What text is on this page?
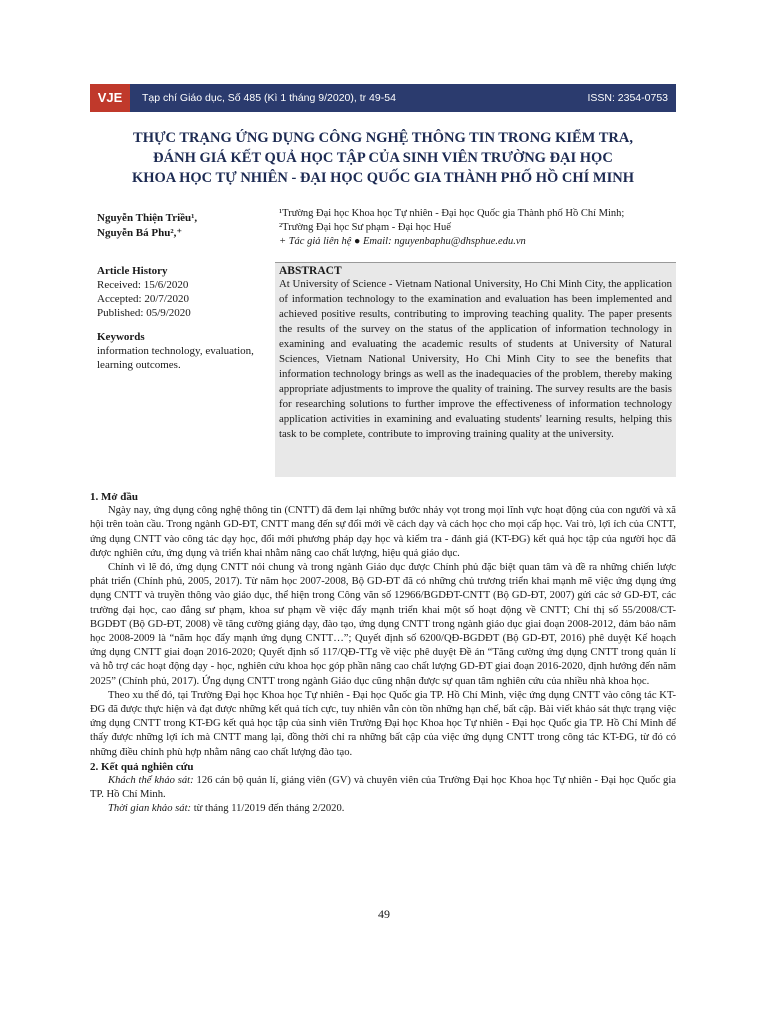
VJE	Tạp chí Giáo dục, Số 485 (Kì 1 tháng 9/2020), tr 49-54	ISSN: 2354-0753
THỰC TRẠNG ỨNG DỤNG CÔNG NGHỆ THÔNG TIN TRONG KIỂM TRA,
ĐÁNH GIÁ KẾT QUẢ HỌC TẬP CỦA SINH VIÊN TRƯỜNG ĐẠI HỌC
KHOA HỌC TỰ NHIÊN - ĐẠI HỌC QUỐC GIA THÀNH PHỐ HỒ CHÍ MINH
Nguyễn Thiện Triều¹,
Nguyễn Bá Phu²,⁺
¹Trường Đại học Khoa học Tự nhiên - Đại học Quốc gia Thành phố Hồ Chí Minh;
²Trường Đại học Sư phạm - Đại học Huế
+ Tác giả liên hệ ● Email: nguyenbaphu@dhsphue.edu.vn
Article History
Received: 15/6/2020
Accepted: 20/7/2020
Published: 05/9/2020
Keywords
information technology, evaluation, learning outcomes.
ABSTRACT
At University of Science - Vietnam National University, Ho Chi Minh City, the application of information technology to the examination and evaluation has been implemented and achieved positive results, contributing to improving teaching quality. The paper presents the results of the survey on the status of the application of information technology in examining and evaluating the academic results of students at University of Natural Sciences, Vietnam National University, Ho Chi Minh City to see the benefits that information technology brings as well as the inadequacies of the problem, thereby making appropriate adjustments to improve the quality of training. The survey results are the basis for researching solutions to further improve the effectiveness of information technology application activities in examining and evaluating students' learning results, helping this task to be complete, contribute to improving training quality at the university.
1. Mở đầu

Ngày nay, ứng dụng công nghệ thông tin (CNTT) đã đem lại những bước nhảy vọt trong mọi lĩnh vực hoạt động của con người và xã hội trên toàn cầu. Trong ngành GD-ĐT, CNTT mang đến sự đổi mới về cách dạy và cách học cho mọi cấp học. Vai trò, lợi ích của CNTT, ứng dụng CNTT vào công tác dạy học, đổi mới phương pháp dạy học và kiểm tra - đánh giá (KT-ĐG) kết quả học tập của người học đã được nghiên cứu, ứng dụng và triển khai nhằm nâng cao chất lượng, hiệu quả giáo dục.

Chính vì lẽ đó, ứng dụng CNTT nói chung và trong ngành Giáo dục được Chính phủ đặc biệt quan tâm và đề ra những chiến lược phát triển (Chính phủ, 2005, 2017). Từ năm học 2007-2008, Bộ GD-ĐT đã có những chủ trương triển khai mạnh mẽ việc ứng dụng ứng dụng CNTT và truyền thông vào giáo dục, thể hiện trong Công văn số 12966/BGDĐT-CNTT (Bộ GD-ĐT, 2007) gửi các sở GD-ĐT, các trường đại học, cao đẳng sư phạm, khoa sư phạm về việc đẩy mạnh triển khai một số hoạt động về CNTT; Chỉ thị số 55/2008/CT-BGDĐT (Bộ GD-ĐT, 2008) về tăng cường giảng dạy, đào tạo, ứng dụng CNTT trong ngành giáo dục giai đoạn 2008-2012, đảm bảo năm học 2008-2009 là “năm học đẩy mạnh ứng dụng CNTT…”; Quyết định số 6200/QĐ-BGDĐT (Bộ GD-ĐT, 2016) phê duyệt Kế hoạch ứng dụng CNTT giai đoạn 2016-2020; Quyết định số 117/QĐ-TTg về việc phê duyệt Đề án “Tăng cường ứng dụng CNTT trong quản lí và hỗ trợ các hoạt động dạy - học, nghiên cứu khoa học góp phần nâng cao chất lượng GD-ĐT giai đoạn 2016-2020, định hướng đến năm 2025” (Chính phủ, 2017). Ứng dụng CNTT trong ngành Giáo dục cũng nhận được sự quan tâm nghiên cứu của nhiều nhà khoa học.

Theo xu thế đó, tại Trường Đại học Khoa học Tự nhiên - Đại học Quốc gia TP. Hồ Chí Minh, việc ứng dụng CNTT vào công tác KT-ĐG đã được thực hiện và đạt được những kết quả tích cực, tuy nhiên vẫn còn tồn những hạn chế, bất cập. Bài viết khảo sát thực trạng việc ứng dụng CNTT trong KT-ĐG kết quả học tập của sinh viên Trường Đại học Khoa học Tự nhiên - Đại học Quốc gia TP. Hồ Chí Minh để thấy được những lợi ích mà CNTT mang lại, đồng thời chỉ ra những bất cập của việc ứng dụng CNTT trong công tác KT-ĐG, từ đó có những điều chỉnh phù hợp nhằm nâng cao chất lượng đào tạo.

2. Kết quả nghiên cứu

Khách thể khảo sát: 126 cán bộ quản lí, giảng viên (GV) và chuyên viên của Trường Đại học Khoa học Tự nhiên - Đại học Quốc gia TP. Hồ Chí Minh.

Thời gian khảo sát: từ tháng 11/2019 đến tháng 2/2020.

49
